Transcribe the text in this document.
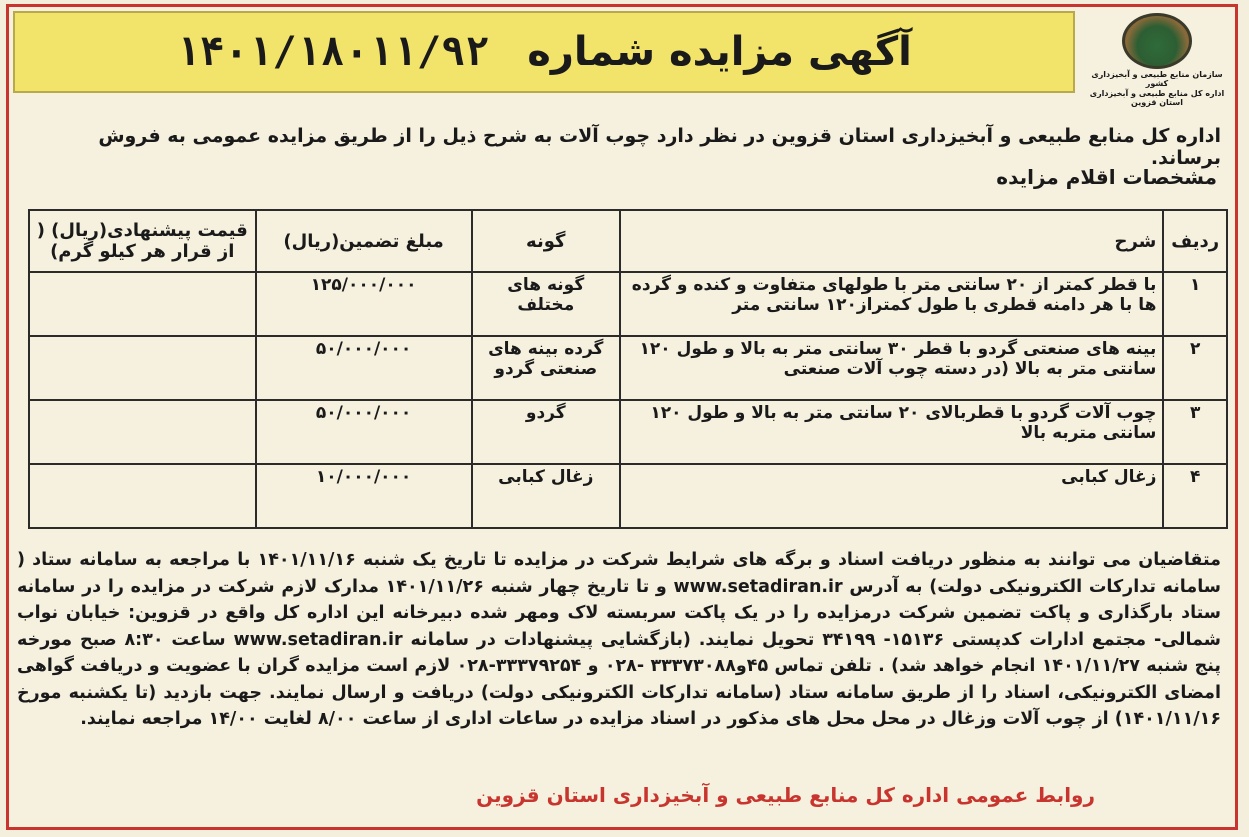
آگهی مزایده شماره
۱۴۰۱/۱۸۰۱۱/۹۲	سازمان منابع طبیعی و آبخیزداری کشور
اداره کل منابع طبیعی و آبخیزداری استان قزوین
اداره کل منابع طبیعی و آبخیزداری استان قزوین در نظر دارد چوب آلات به شرح ذیل را از طریق مزایده عمومی به فروش برساند.
مشخصات اقلام مزایده
ردیف	شرح	گونه	مبلغ تضمین(ریال)	قیمت پیشنهادی(ریال) ( از قرار هر کیلو گرم)
۱	با قطر کمتر از ۲۰ سانتی متر با طولهای متفاوت و کنده و گرده ها با هر دامنه قطری با طول کمتراز۱۲۰ سانتی متر	گونه های مختلف	۱۲۵/۰۰۰/۰۰۰	
۲	بینه های صنعتی گردو با قطر ۳۰ سانتی متر به بالا و طول ۱۲۰ سانتی متر به بالا (در دسته چوب آلات صنعتی	گرده بینه های صنعتی گردو	۵۰/۰۰۰/۰۰۰	
۳	چوب آلات گردو با قطربالای ۲۰ سانتی متر به بالا و طول ۱۲۰ سانتی متربه بالا	گردو	۵۰/۰۰۰/۰۰۰	
۴	زغال کبابی	زغال کبابی	۱۰/۰۰۰/۰۰۰	
متقاضیان می توانند به منظور دریافت اسناد و برگه های شرایط شرکت در مزایده تا تاریخ یک شنبه ۱۴۰۱/۱۱/۱۶ با مراجعه به سامانه ستاد ( سامانه تدارکات الکترونیکی دولت) به آدرس www.setadiran.ir و تا تاریخ چهار شنبه ۱۴۰۱/۱۱/۲۶ مدارک لازم شرکت در مزایده را در سامانه ستاد بارگذاری و پاکت تضمین شرکت درمزایده را در یک پاکت سربسته لاک ومهر شده دبیرخانه این اداره کل واقع در قزوین: خیابان نواب شمالی- مجتمع ادارات کدپستی ۱۵۱۳۶- ۳۴۱۹۹ تحویل نمایند. (بازگشایی پیشنهادات در سامانه www.setadiran.ir ساعت ۸:۳۰ صبح مورخه پنج شنبه ۱۴۰۱/۱۱/۲۷ انجام خواهد شد) . تلفن تماس ۴۵و۳۳۳۷۳۰۸۸ -۰۲۸ و ۳۳۳۷۹۲۵۴-۰۲۸ لازم است مزایده گران با عضویت و دریافت گواهی امضای الکترونیکی، اسناد را از طریق سامانه ستاد (سامانه تدارکات الکترونیکی دولت) دریافت و ارسال نمایند. جهت بازدید (تا یکشنبه مورخ ۱۴۰۱/۱۱/۱۶) از چوب آلات وزغال در محل محل های مذکور در اسناد مزایده در ساعات اداری از ساعت ۸/۰۰ لغایت ۱۴/۰۰ مراجعه نمایند.
روابط عمومی اداره کل منابع طبیعی و آبخیزداری استان قزوین
